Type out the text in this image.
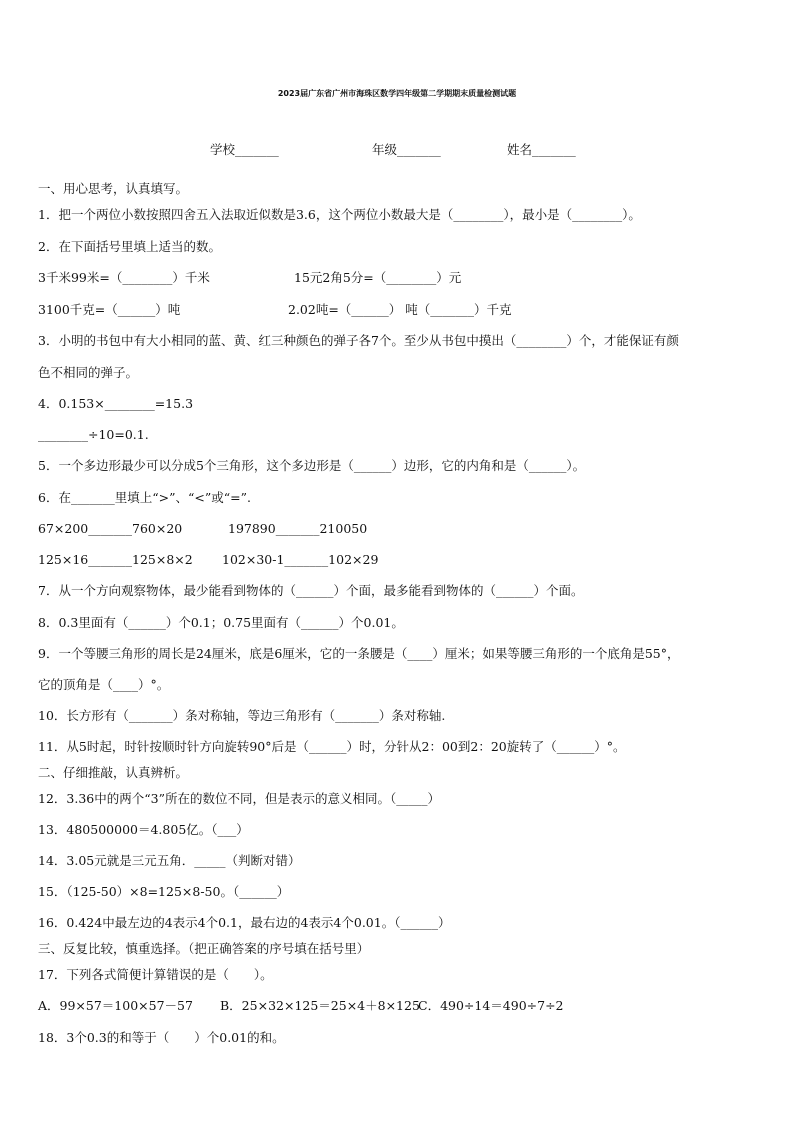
2023届广东省广州市海珠区数学四年级第二学期期末质量检测试题
学校_______	年级_______	姓名_______
一、用心思考，认真填写。
1．把一个两位小数按照四舍五入法取近似数是3.6，这个两位小数最大是（________），最小是（________）。
2．在下面括号里填上适当的数。
3千米99米=（________）千米	15元2角5分=（________）元
3100千克=（______）吨	2.02吨=（______） 吨（_______）千克
3．小明的书包中有大小相同的蓝、黄、红三种颜色的弹子各7个。至少从书包中摸出（________）个，才能保证有颜
色不相同的弹子。
4．0.153×________=15.3
________÷10=0.1.
5．一个多边形最少可以分成5个三角形，这个多边形是（______）边形，它的内角和是（______）。
6．在_______里填上“>”、“<”或“=”.
67×200_______760×20	197890_______210050
125×16_______125×8×2 102×30-1_______102×29
7．从一个方向观察物体，最少能看到物体的（______）个面，最多能看到物体的（______）个面。
8．0.3里面有（______）个0.1；0.75里面有（______）个0.01。
9．一个等腰三角形的周长是24厘米，底是6厘米，它的一条腰是（____）厘米；如果等腰三角形的一个底角是55°，
它的顶角是（____）°。
10．长方形有（_______）条对称轴，等边三角形有（_______）条对称轴.
11．从5时起，时针按顺时针方向旋转90°后是（______）时，分针从2：00到2：20旋转了（______）°。
二、仔细推敲，认真辨析。
12．3.36中的两个“3”所在的数位不同，但是表示的意义相同。（_____）
13．480500000＝4.805亿。（___）
14．3.05元就是三元五角．_____（判断对错）
15．（125-50）×8=125×8-50。（______）
16．0.424中最左边的4表示4个0.1，最右边的4表示4个0.01。（______）
三、反复比较，慎重选择。（把正确答案的序号填在括号里）
17．下列各式简便计算错误的是（　　）。
A．99×57＝100×57－57 B．25×32×125＝25×4＋8×125
C．490÷14＝490÷7÷2
18．3个0.3的和等于（　　）个0.01的和。
